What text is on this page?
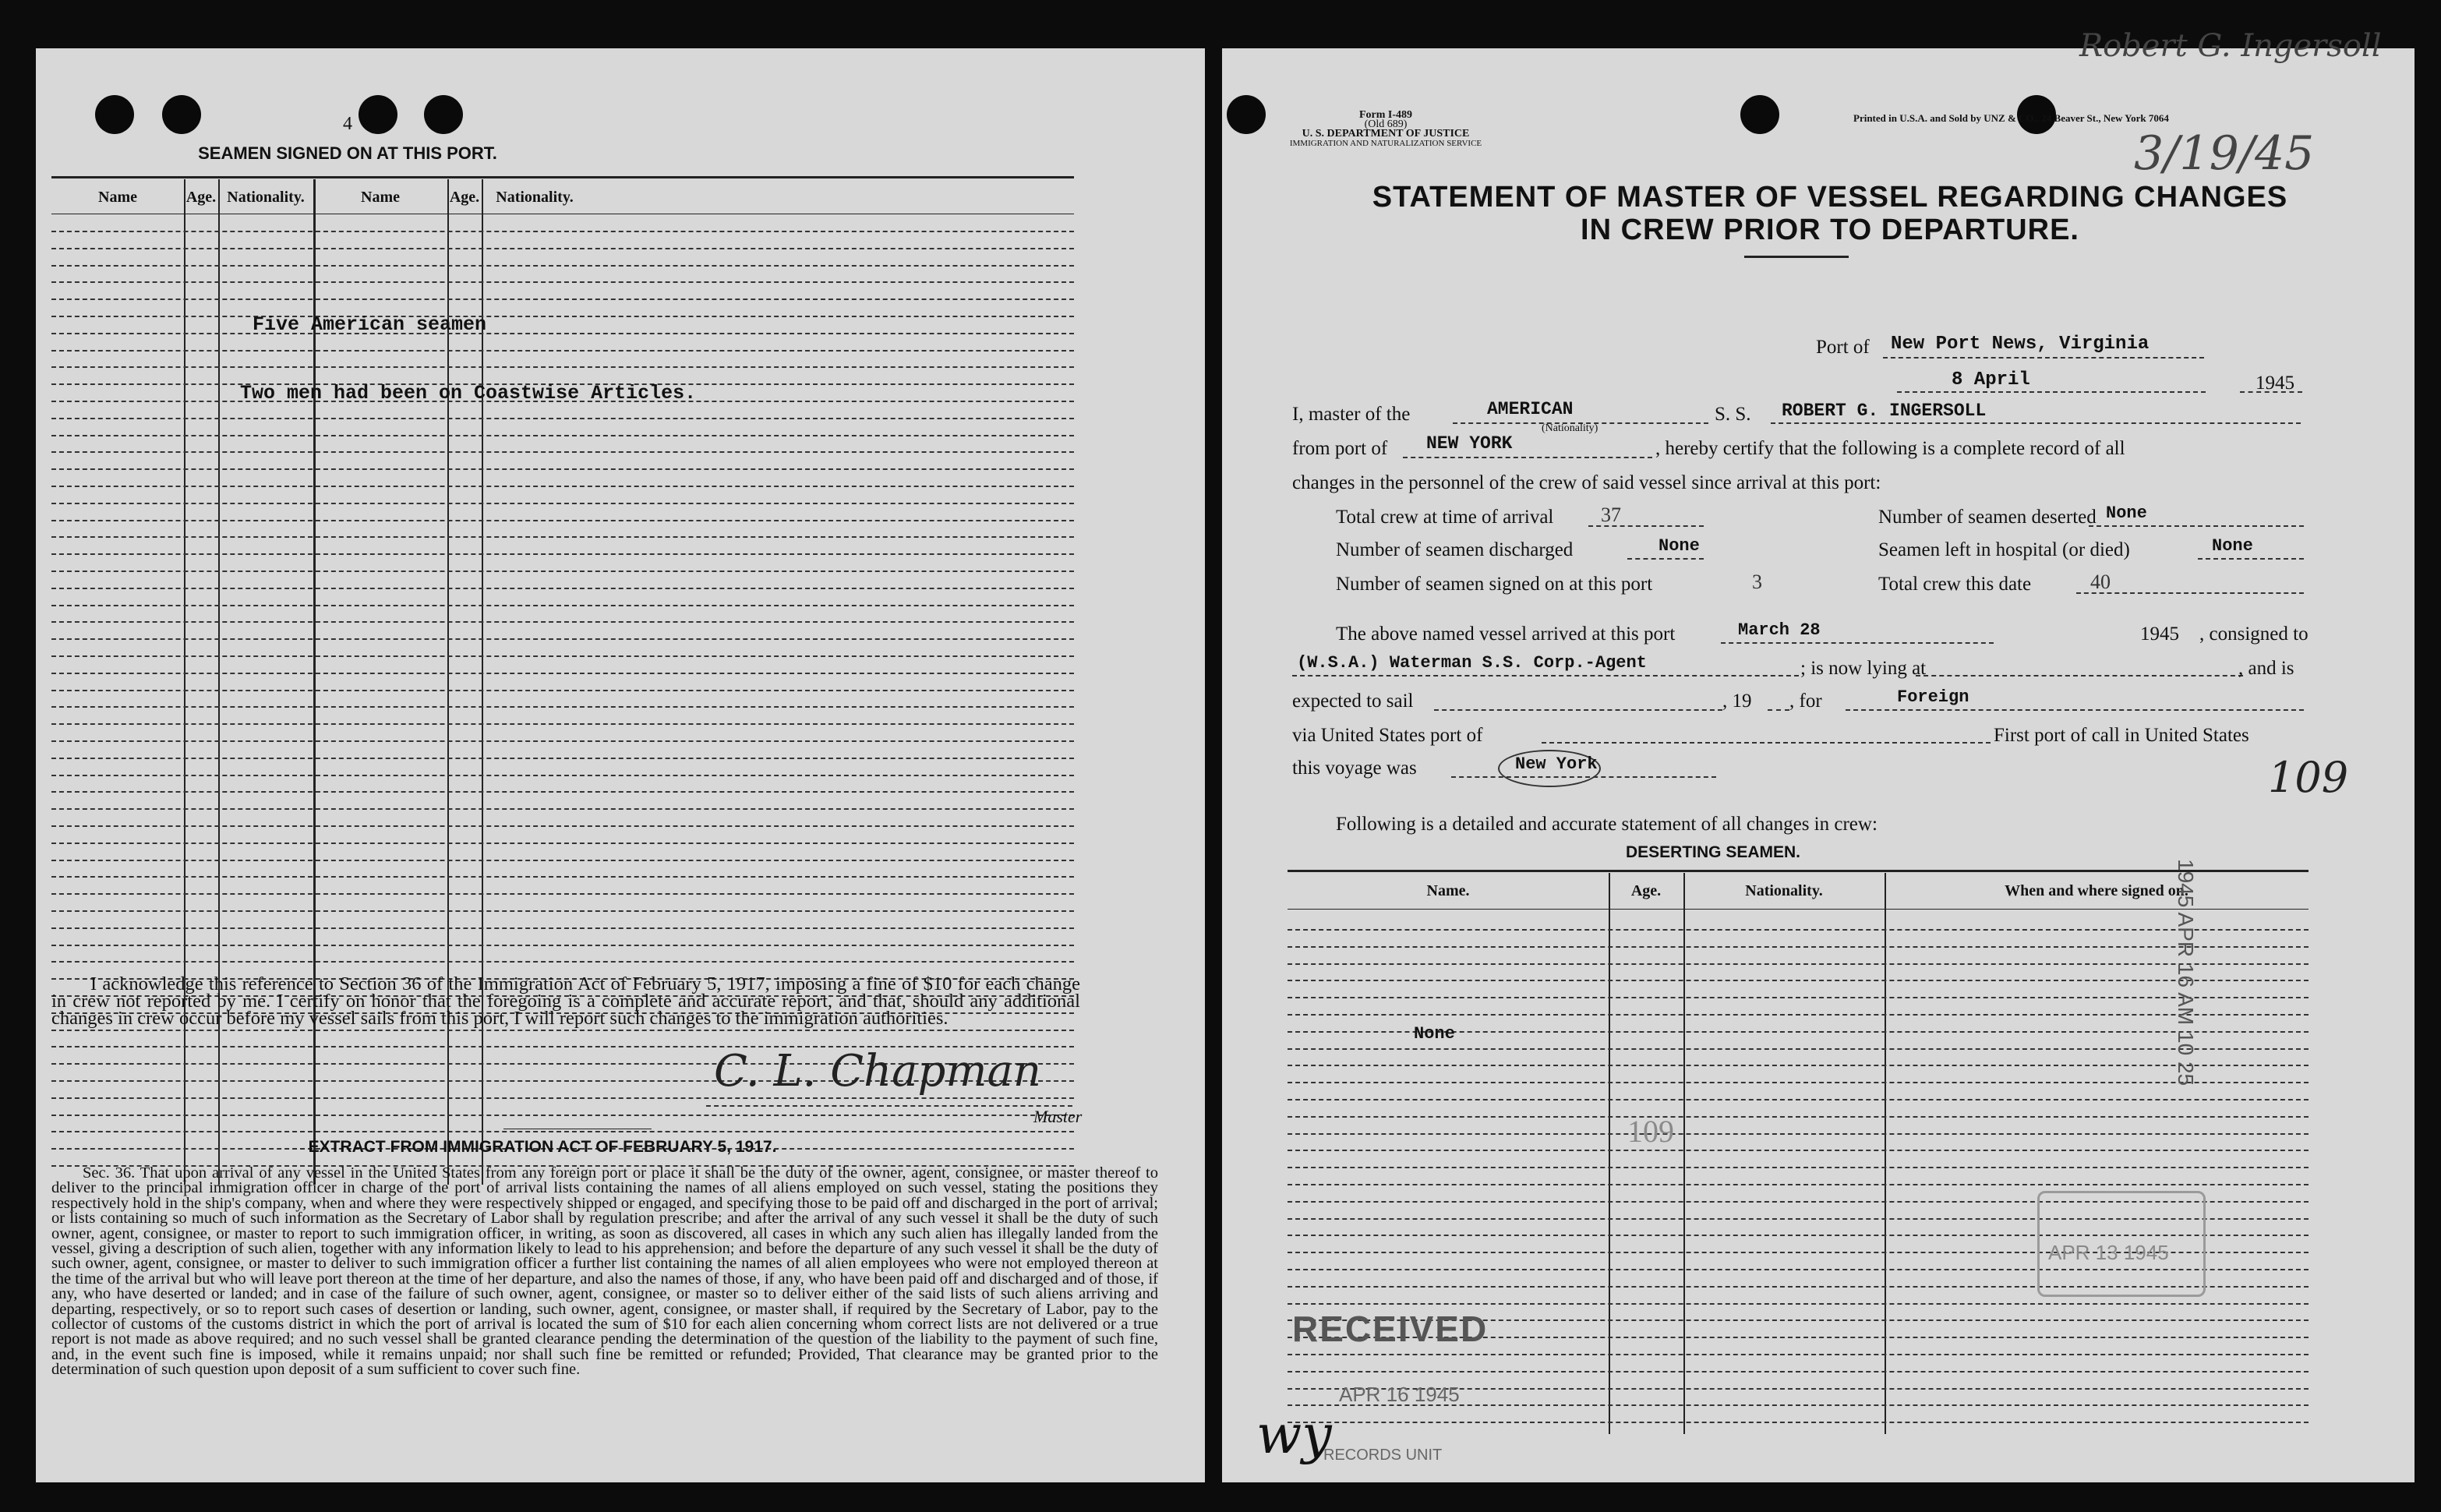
4
SEAMEN SIGNED ON AT THIS PORT.
Name	Age. Nationality.	Name	Age.	Nationality.
Five American seamen
Two men had been on Coastwise Articles.
I acknowledge this reference to Section 36 of the Immigration Act of February 5, 1917, imposing a fine of $10 for each change in crew not reported by me. I certify on honor that the foregoing is a complete and accurate report, and that, should any additional changes in crew occur before my vessel sails from this port, I will report such changes to the immigration authorities.
C. L. Chapman
Master
EXTRACT FROM IMMIGRATION ACT OF FEBRUARY 5, 1917.
Sec. 36. That upon arrival of any vessel in the United States from any foreign port or place it shall be the duty of the owner, agent, consignee, or master thereof to deliver to the principal immigration officer in charge of the port of arrival lists containing the names of all aliens employed on such vessel, stating the positions they respectively hold in the ship's company, when and where they were respectively shipped or engaged, and specifying those to be paid off and discharged in the port of arrival; or lists containing so much of such information as the Secretary of Labor shall by regulation prescribe; and after the arrival of any such vessel it shall be the duty of such owner, agent, consignee, or master to report to such immigration officer, in writing, as soon as discovered, all cases in which any such alien has illegally landed from the vessel, giving a description of such alien, together with any information likely to lead to his apprehension; and before the departure of any such vessel it shall be the duty of such owner, agent, consignee, or master to deliver to such immigration officer a further list containing the names of all alien employees who were not employed thereon at the time of the arrival but who will leave port thereon at the time of her departure, and also the names of those, if any, who have been paid off and discharged and of those, if any, who have deserted or landed; and in case of the failure of such owner, agent, consignee, or master so to deliver either of the said lists of such aliens arriving and departing, respectively, or so to report such cases of desertion or landing, such owner, agent, consignee, or master shall, if required by the Secretary of Labor, pay to the collector of customs of the customs district in which the port of arrival is located the sum of $10 for each alien concerning whom correct lists are not delivered or a true report is not made as above required; and no such vessel shall be granted clearance pending the determination of the question of the liability to the payment of such fine, and, in the event such fine is imposed, while it remains unpaid; nor shall such fine be remitted or refunded; Provided, That clearance may be granted prior to the determination of such question upon deposit of a sum sufficient to cover such fine.
Form I-489
(Old 689)
U. S. DEPARTMENT OF JUSTICE
IMMIGRATION AND NATURALIZATION SERVICE
Printed in U.S.A. and Sold by UNZ & CO., 24 Beaver St., New York 7064
Robert G. Ingersoll
3/19/45
STATEMENT OF MASTER OF VESSEL REGARDING CHANGES
IN CREW PRIOR TO DEPARTURE.
Port of New Port News, Virginia
8 April	1945
I, master of the	AMERICAN
(Nationality)
S. S. ROBERT G. INGERSOLL
from port of NEW YORK	, hereby certify that the following is a complete record of all
changes in the personnel of the crew of said vessel since arrival at this port:
Total crew at time of arrival 37	Number of seamen deserted None
Number of seamen discharged	None	Seamen left in hospital (or died)	None
Number of seamen signed on at this port	3	Total crew this date	40
The above named vessel arrived at this port	March 28	1945 , consigned to
(W.S.A.) Waterman S.S. Corp.-Agent	; is now lying at	, and is
expected to sail	, 19 , for	Foreign
via United States port of	First port of call in United States
this voyage was	New York	109
Following is a detailed and accurate statement of all changes in crew:
DESERTING SEAMEN.
Name.	Age.	Nationality.	When and where signed on.
None
109
RECEIVED
APR 16 1945
RECORDS UNIT
wy
1945 APR 16 AM 10 25
APR 13 1945
